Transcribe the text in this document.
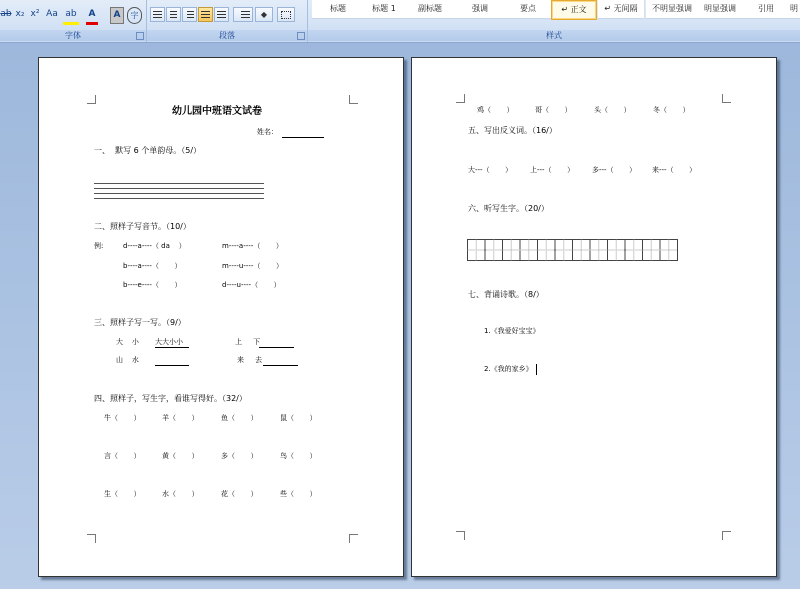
ab x₂ x² Aa ab A	A	字
字体
◆
段落
标题	标题 1	副标题	强调	要点	↵ 正文	↵ 无间隔	不明显强调	明显强调	引用	明
样式
幼儿园中班语文试卷
姓名：
一、  默写 6 个单韵母。（5/）
二、照样子写音节。（10/）
例:	d----a----（ da    ）	m----a----（       ）
b----a----（       ）	m----u----（       ）
b----e----（       ）	d----u----（       ）
三、照样子写一写。（9/）
大    小 大大小小	上     下

山    水
	来     去

四、照样子，写生字，看谁写得好。（32/）
牛（       ）	羊（       ）	鱼（       ）	鼠（       ）
言（       ）	黄（       ）	多（       ）	鸟（       ）
生（       ）	水（       ）	花（       ）	些（       ）
鸡（       ）	哥（       ）	头（       ）	冬（       ）
五、写出反义词。（16/）
大---（       ）	上---（       ）	多---（       ） 来---（       ）
六、听写生字。（20/）
七、背诵诗歌。（8/）
1.《我爱好宝宝》
2.《我的家乡》
